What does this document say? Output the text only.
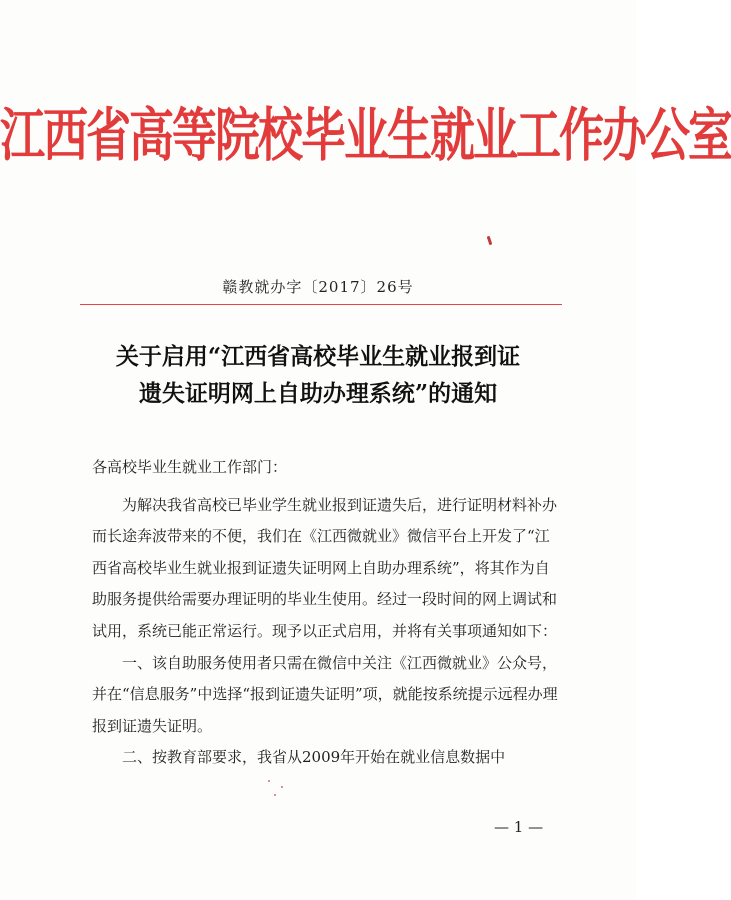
江西省高等院校毕业生就业工作办公室
赣教就办字〔2017〕26号
关于启用“江西省高校毕业生就业报到证
遗失证明网上自助办理系统”的通知

各高校毕业生就业工作部门：

为解决我省高校已毕业学生就业报到证遗失后，进行证明材料补办而长途奔波带来的不便，我们在《江西微就业》微信平台上开发了“江西省高校毕业生就业报到证遗失证明网上自助办理系统”，将其作为自助服务提供给需要办理证明的毕业生使用。经过一段时间的网上调试和试用，系统已能正常运行。现予以正式启用，并将有关事项通知如下：

一、该自助服务使用者只需在微信中关注《江西微就业》公众号，并在“信息服务”中选择“报到证遗失证明”项，就能按系统提示远程办理报到证遗失证明。

二、按教育部要求，我省从2009年开始在就业信息数据中

— 1 —
